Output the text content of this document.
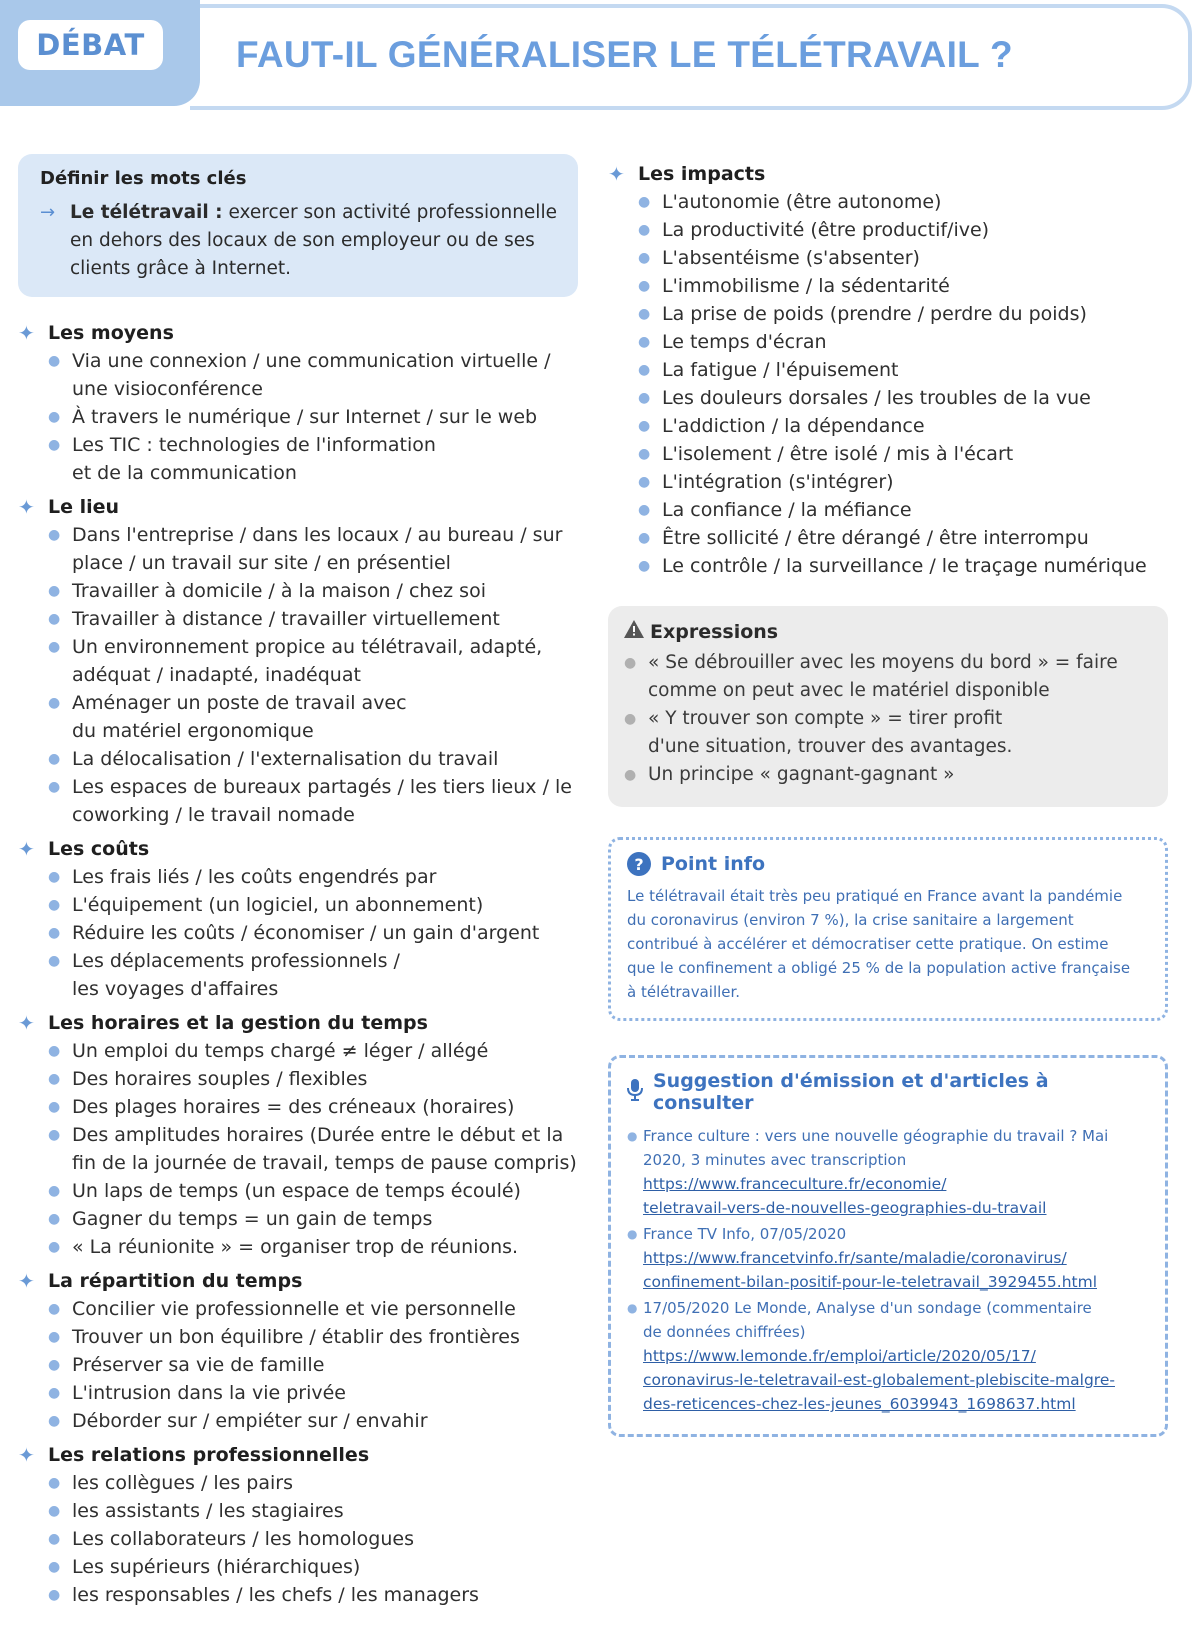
DÉBAT	FAUT-IL GÉNÉRALISER LE TÉLÉTRAVAIL ?
Définir les mots clés
→ Le télétravail : exercer son activité professionnelle
en dehors des locaux de son employeur ou de ses
clients grâce à Internet.
✦ Les moyens
● Via une connexion / une communication virtuelle /
une visioconférence
● À travers le numérique / sur Internet / sur le web
● Les TIC : technologies de l'information
et de la communication
✦ Le lieu
● Dans l'entreprise / dans les locaux / au bureau / sur
place / un travail sur site / en présentiel
● Travailler à domicile / à la maison / chez soi
● Travailler à distance / travailler virtuellement
● Un environnement propice au télétravail, adapté,
adéquat / inadapté, inadéquat
● Aménager un poste de travail avec
du matériel ergonomique
● La délocalisation / l'externalisation du travail
● Les espaces de bureaux partagés / les tiers lieux / le
coworking / le travail nomade
✦ Les coûts
● Les frais liés / les coûts engendrés par
● L'équipement (un logiciel, un abonnement)
● Réduire les coûts / économiser / un gain d'argent
● Les déplacements professionnels /
les voyages d'affaires
✦ Les horaires et la gestion du temps
● Un emploi du temps chargé ≠ léger / allégé
● Des horaires souples / flexibles
● Des plages horaires = des créneaux (horaires)
● Des amplitudes horaires (Durée entre le début et la
fin de la journée de travail, temps de pause compris)
● Un laps de temps (un espace de temps écoulé)
● Gagner du temps = un gain de temps
● « La réunionite » = organiser trop de réunions.
✦ La répartition du temps
● Concilier vie professionnelle et vie personnelle
● Trouver un bon équilibre / établir des frontières
● Préserver sa vie de famille
● L'intrusion dans la vie privée
● Déborder sur / empiéter sur / envahir
✦ Les relations professionnelles
● les collègues / les pairs
● les assistants / les stagiaires
● Les collaborateurs / les homologues
● Les supérieurs (hiérarchiques)
● les responsables / les chefs / les managers
✦ Les impacts
● L'autonomie (être autonome)
● La productivité (être productif/ive)
● L'absentéisme (s'absenter)
● L'immobilisme / la sédentarité
● La prise de poids (prendre / perdre du poids)
● Le temps d'écran
● La fatigue / l'épuisement
● Les douleurs dorsales / les troubles de la vue
● L'addiction / la dépendance
● L'isolement / être isolé / mis à l'écart
● L'intégration (s'intégrer)
● La confiance / la méfiance
● Être sollicité / être dérangé / être interrompu
● Le contrôle / la surveillance / le traçage numérique
Expressions
● « Se débrouiller avec les moyens du bord » = faire
comme on peut avec le matériel disponible
● « Y trouver son compte » = tirer profit
d'une situation, trouver des avantages.
● Un principe « gagnant-gagnant »
? Point info
Le télétravail était très peu pratiqué en France avant la pandémie
du coronavirus (environ 7 %), la crise sanitaire a largement
contribué à accélérer et démocratiser cette pratique. On estime
que le confinement a obligé 25 % de la population active française
à télétravailler.
Suggestion d'émission et d'articles à consulter
● France culture : vers une nouvelle géographie du travail ? Mai
2020, 3 minutes avec transcription
https://www.franceculture.fr/economie/
teletravail-vers-de-nouvelles-geographies-du-travail
● France TV Info, 07/05/2020
https://www.francetvinfo.fr/sante/maladie/coronavirus/
confinement-bilan-positif-pour-le-teletravail_3929455.html
● 17/05/2020 Le Monde, Analyse d'un sondage (commentaire
de données chiffrées)
https://www.lemonde.fr/emploi/article/2020/05/17/
coronavirus-le-teletravail-est-globalement-plebiscite-malgre-
des-reticences-chez-les-jeunes_6039943_1698637.html
